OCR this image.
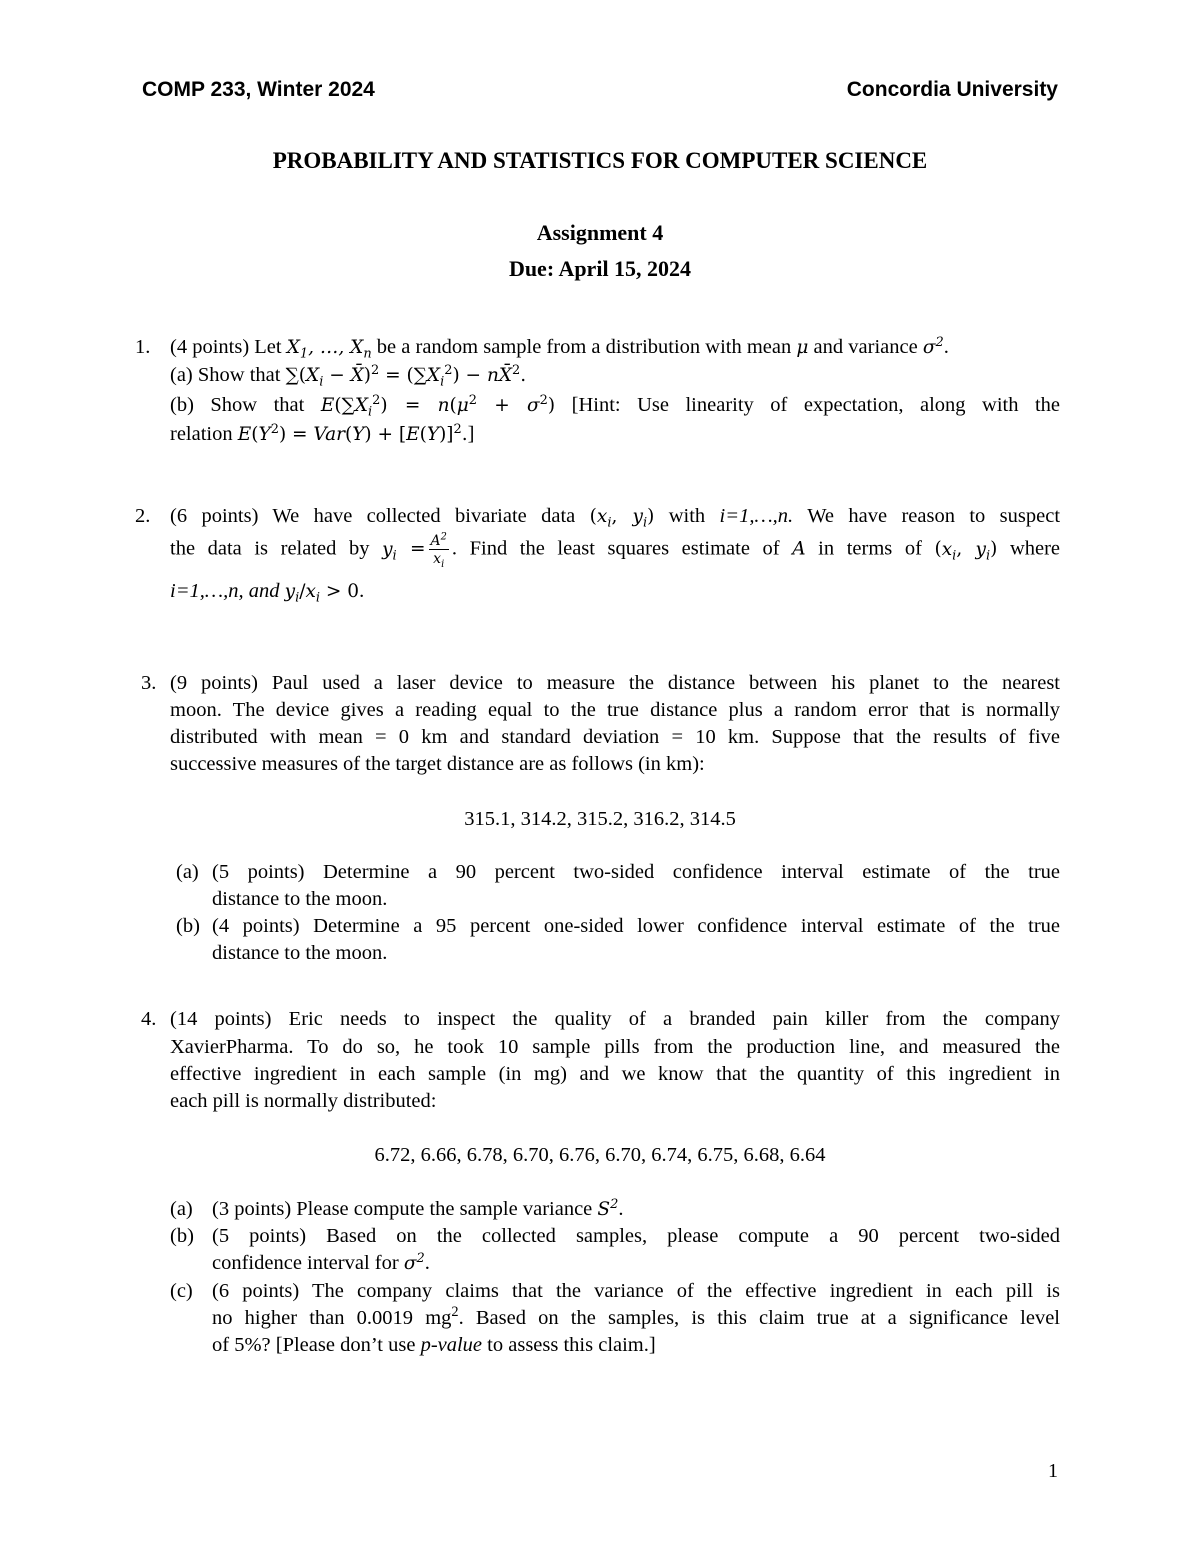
COMP 233, Winter 2024	Concordia University
PROBABILITY AND STATISTICS FOR COMPUTER SCIENCE
Assignment 4
Due: April 15, 2024
1. (4 points) Let $X_1$, …, $X_n$ be a random sample from a distribution with mean μ and variance $\sigma^2$.
(a) Show that $\sum(X_i$ − X̄)$^2$ = $(\sum X_i^2)$ − nX̄$^2$.
(b) Show that $E(\sum X_i^2) = n(\mu^2 + \sigma^2)$ [Hint: Use linearity of expectation, along with the
relation $E(Y^2) = Var(Y) + [E(Y)]^2$.]
2. (6 points) We have collected bivariate data ($x_i$, $y_i$) with i=1,…,n. We have reason to suspect
the data is related by $y_i = \frac{A^2}{x_i}$ . Find the least squares estimate of A in terms of ($x_i$, $y_i$) where
i=1,…,n, and $y_i/x_i > 0$.
3. (9 points) Paul used a laser device to measure the distance between his planet to the nearest
moon. The device gives a reading equal to the true distance plus a random error that is normally
distributed with mean = 0 km and standard deviation = 10 km. Suppose that the results of five
successive measures of the target distance are as follows (in km):
315.1, 314.2, 315.2, 316.2, 314.5
(a) (5 points) Determine a 90 percent two-sided confidence interval estimate of the true
distance to the moon.
(b) (4 points) Determine a 95 percent one-sided lower confidence interval estimate of the true
distance to the moon.
4. (14 points) Eric needs to inspect the quality of a branded pain killer from the company
XavierPharma. To do so, he took 10 sample pills from the production line, and measured the
effective ingredient in each sample (in mg) and we know that the quantity of this ingredient in
each pill is normally distributed:
6.72, 6.66, 6.78, 6.70, 6.76, 6.70, 6.74, 6.75, 6.68, 6.64
(a) (3 points) Please compute the sample variance $S^2$.
(b) (5 points) Based on the collected samples, please compute a 90 percent two-sided
confidence interval for $\sigma^2$.
(c) (6 points) The company claims that the variance of the effective ingredient in each pill is
no higher than 0.0019 $mg^2$. Based on the samples, is this claim true at a significance level
of 5%? [Please don’t use p-value to assess this claim.]
1
